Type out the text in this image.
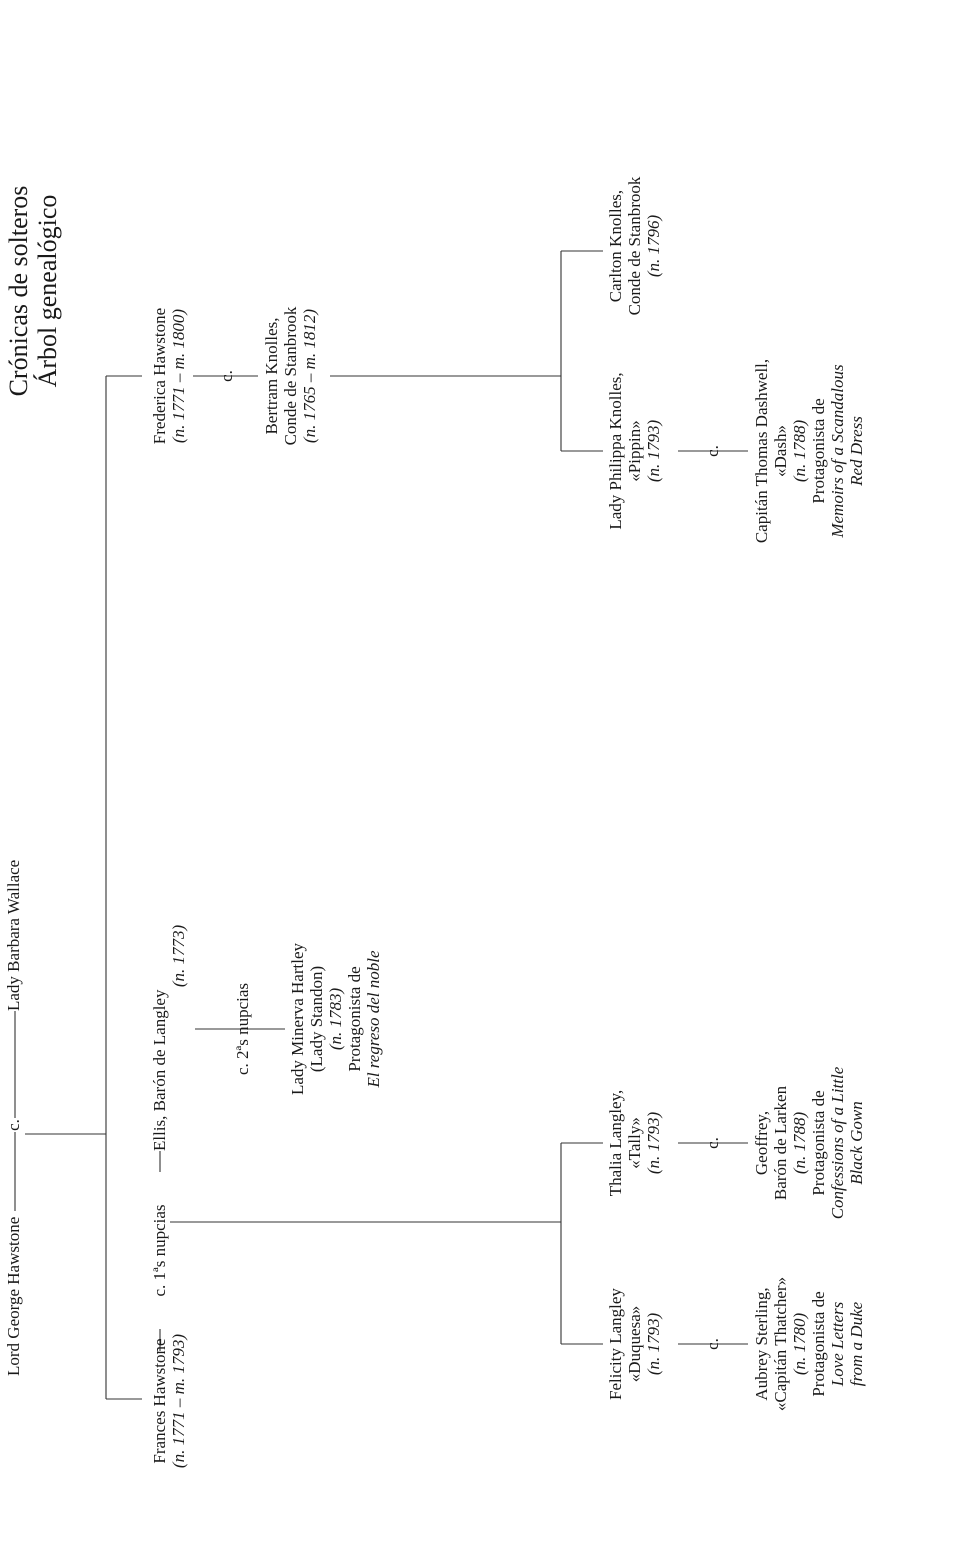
Crónicas de solteros Árbol genealógico
Lord George Hawstone
c.
Lady Barbara Wallace
Frances Hawstone (n. 1771 – m. 1793)
c. 1ªs nupcias
Ellis, Barón de Langley
(n. 1773)
c. 2ªs nupcias Lady Minerva Hartley (Lady Standon) (n. 1783) Protagonista de El regreso del noble
Frederica Hawstone (n. 1771 – m. 1800) c. Bertram Knolles, Conde de Stanbrook (n. 1765 – m. 1812)
Felicity Langley «Duquesa» (n. 1793) c. Aubrey Sterling, «Capitán Thatcher» (n. 1780) Protagonista de Love Letters from a Duke
Thalia Langley, «Tally» (n. 1793) c. Geoffrey, Barón de Larken (n. 1788) Protagonista de Confessions of a Little Black Gown
Lady Philippa Knolles, «Pippin» (n. 1793) c. Capitán Thomas Dashwell, «Dash» (n. 1788) Protagonista de Memoirs of a Scandalous Red Dress
Carlton Knolles, Conde de Stanbrook (n. 1796)
